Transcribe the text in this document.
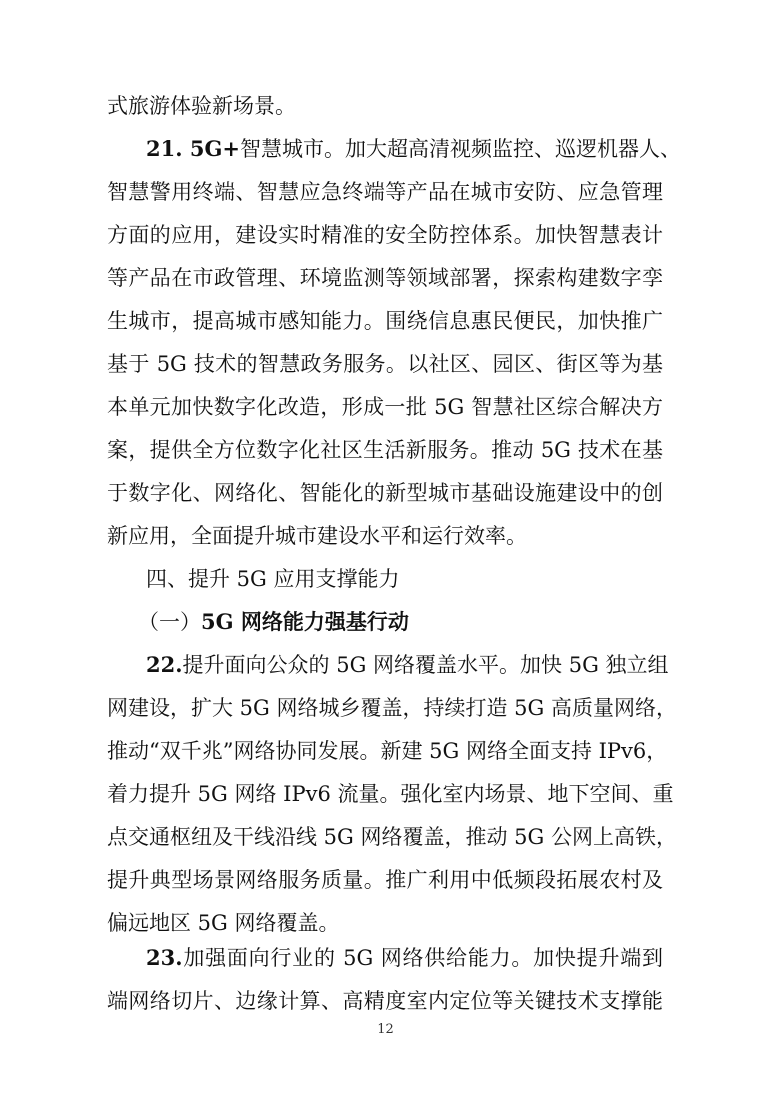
式旅游体验新场景。
21. 5G+智慧城市。加大超高清视频监控、巡逻机器人、
智慧警用终端、智慧应急终端等产品在城市安防、应急管理
方面的应用，建设实时精准的安全防控体系。加快智慧表计
等产品在市政管理、环境监测等领域部署，探索构建数字孪
生城市，提高城市感知能力。围绕信息惠民便民，加快推广
基于 5G 技术的智慧政务服务。以社区、园区、街区等为基
本单元加快数字化改造，形成一批 5G 智慧社区综合解决方
案，提供全方位数字化社区生活新服务。推动 5G 技术在基
于数字化、网络化、智能化的新型城市基础设施建设中的创
新应用，全面提升城市建设水平和运行效率。
四、提升 5G 应用支撑能力
（一）5G 网络能力强基行动
22.提升面向公众的 5G 网络覆盖水平。加快 5G 独立组
网建设，扩大 5G 网络城乡覆盖，持续打造 5G 高质量网络，
推动“双千兆”网络协同发展。新建 5G 网络全面支持 IPv6，
着力提升 5G 网络 IPv6 流量。强化室内场景、地下空间、重
点交通枢纽及干线沿线 5G 网络覆盖，推动 5G 公网上高铁，
提升典型场景网络服务质量。推广利用中低频段拓展农村及
偏远地区 5G 网络覆盖。
23.加强面向行业的 5G 网络供给能力。加快提升端到
端网络切片、边缘计算、高精度室内定位等关键技术支撑能
12
